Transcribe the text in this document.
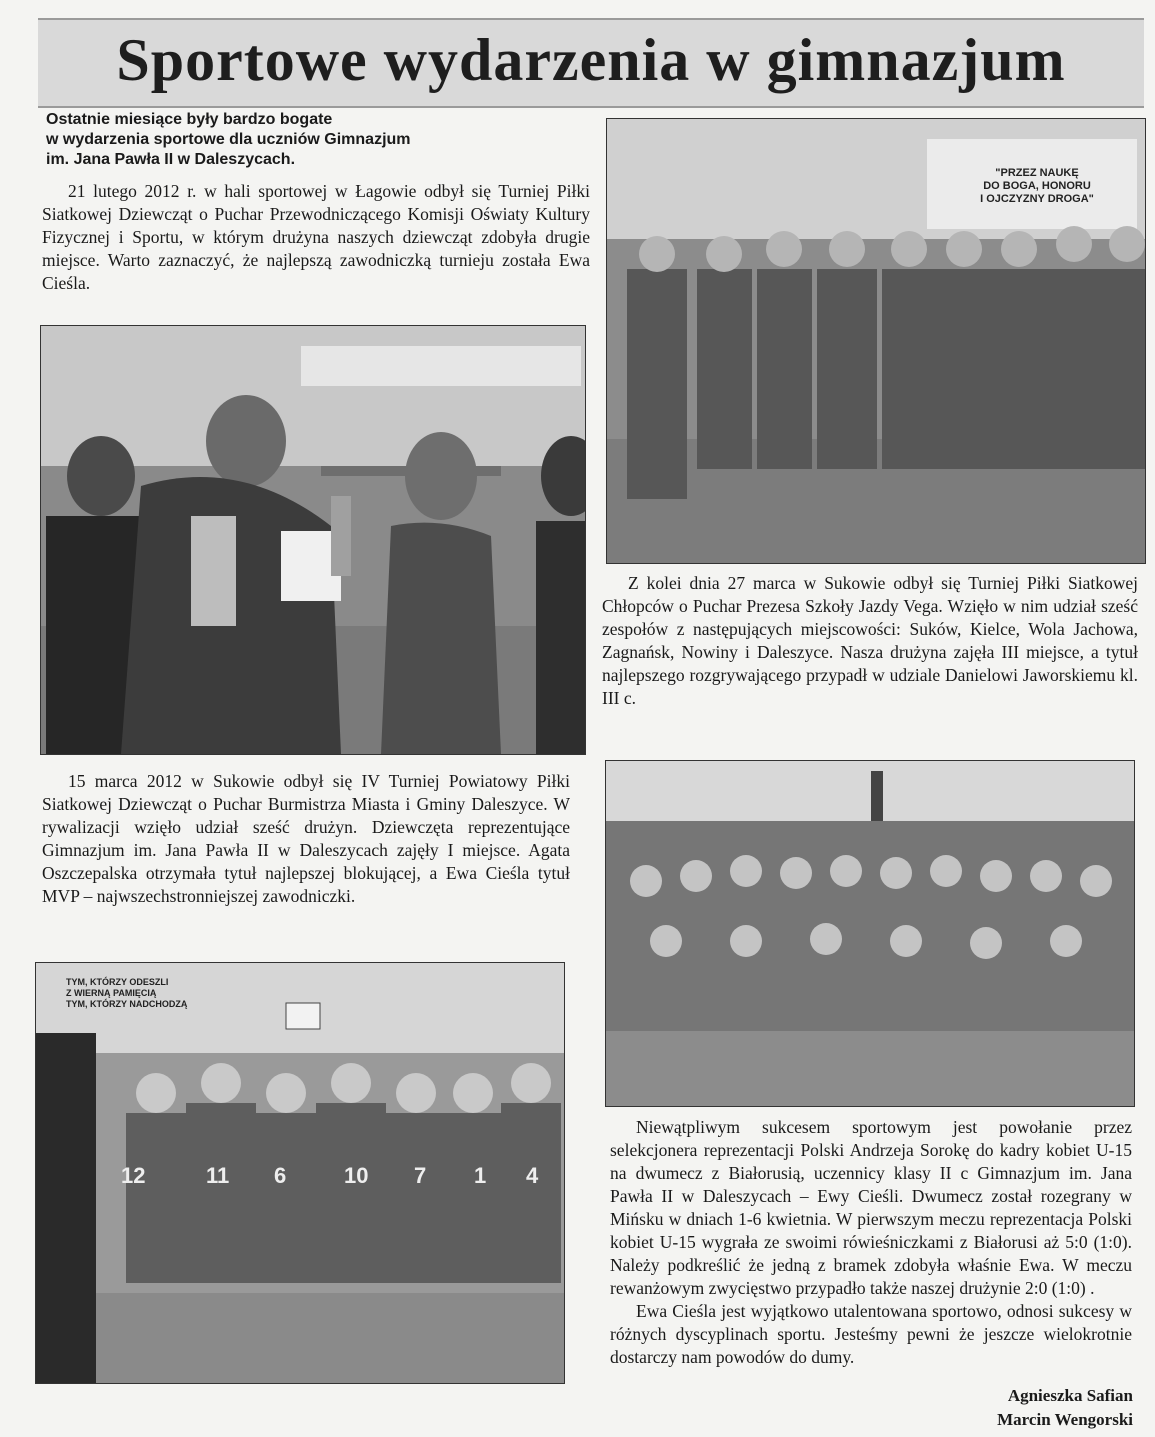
Sportowe wydarzenia w gimnazjum
Ostatnie miesiące były bardzo bogate
w wydarzenia sportowe dla uczniów Gimnazjum
im. Jana Pawła II w Daleszycach.

21 lutego 2012 r. w hali sportowej w Łagowie odbył się Turniej Piłki Siatkowej Dziewcząt o Puchar Przewodniczącego Komisji Oświaty Kultury Fizycznej i Sportu, w którym drużyna naszych dziewcząt zdobyła drugie miejsce. Warto zaznaczyć, że najlepszą zawodniczką turnieju została Ewa Cieśla.

15 marca 2012 w Sukowie odbył się IV Turniej Powiatowy Piłki Siatkowej Dziewcząt o Puchar Burmistrza Miasta i Gminy Daleszyce. W rywalizacji wzięło udział sześć drużyn. Dziewczęta reprezentujące Gimnazjum im. Jana Pawła II w Daleszycach zajęły I miejsce. Agata Oszczepalska otrzymała tytuł najlepszej blokującej, a Ewa Cieśla tytuł MVP – najwszechstronniejszej zawodniczki.

TYM, KTÓRZY ODESZLI
Z WIERNĄ PAMIĘCIĄ
TYM, KTÓRZY NADCHODZĄ
12	11 6	10 7 1 4
"PRZEZ NAUKĘ
DO BOGA, HONORU
I OJCZYZNY DROGA"

Z kolei dnia 27 marca w Sukowie odbył się Turniej Piłki Siatkowej Chłopców o Puchar Prezesa Szkoły Jazdy Vega. Wzięło w nim udział sześć zespołów z następujących miejscowości: Suków, Kielce, Wola Jachowa, Zagnańsk, Nowiny i Daleszyce. Nasza drużyna zajęła III miejsce, a tytuł najlepszego rozgrywającego przypadł w udziale Danielowi Jaworskiemu kl. III c.

Niewątpliwym sukcesem sportowym jest powołanie przez selekcjonera reprezentacji Polski Andrzeja Sorokę do kadry kobiet U-15 na dwumecz z Białorusią, uczennicy klasy II c Gimnazjum im. Jana Pawła II w Daleszycach – Ewy Cieśli. Dwumecz został rozegrany w Mińsku w dniach 1-6 kwietnia. W pierwszym meczu reprezentacja Polski kobiet U-15 wygrała ze swoimi rówieśniczkami z Białorusi aż 5:0 (1:0). Należy podkreślić że jedną z bramek zdobyła właśnie Ewa. W meczu rewanżowym zwycięstwo przypadło także naszej drużynie 2:0 (1:0) .

Ewa Cieśla jest wyjątkowo utalentowana sportowo, odnosi sukcesy w różnych dyscyplinach sportu. Jesteśmy pewni że jeszcze wielokrotnie dostarczy nam powodów do dumy.

Agnieszka Safian
Marcin Wengorski
